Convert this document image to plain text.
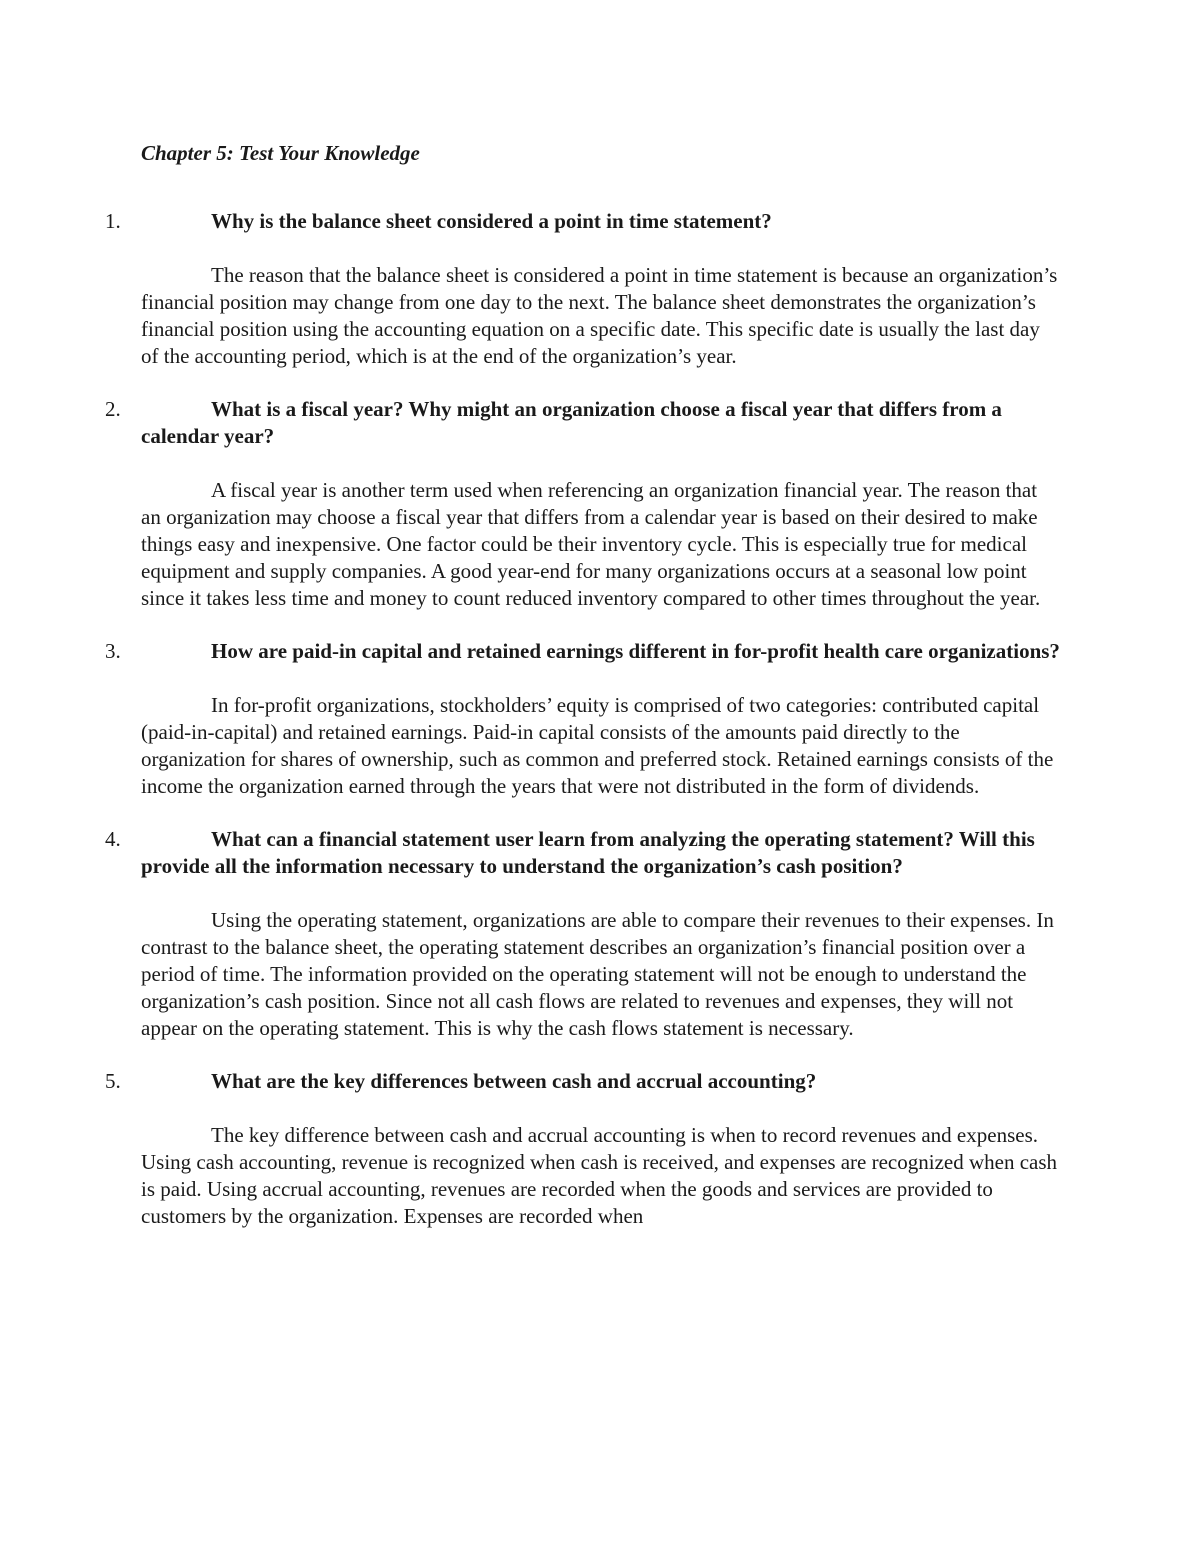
Chapter 5: Test Your Knowledge
1.	Why is the balance sheet considered a point in time statement?

The reason that the balance sheet is considered a point in time statement is because an organization’s financial position may change from one day to the next. The balance sheet demonstrates the organization’s financial position using the accounting equation on a specific date. This specific date is usually the last day of the accounting period, which is at the end of the organization’s year.

2.	What is a fiscal year? Why might an organization choose a fiscal year that differs from a calendar year?

A fiscal year is another term used when referencing an organization financial year. The reason that an organization may choose a fiscal year that differs from a calendar year is based on their desired to make things easy and inexpensive. One factor could be their inventory cycle. This is especially true for medical equipment and supply companies. A good year-end for many organizations occurs at a seasonal low point since it takes less time and money to count reduced inventory compared to other times throughout the year.

3.	How are paid-in capital and retained earnings different in for-profit health care organizations?

In for-profit organizations, stockholders’ equity is comprised of two categories: contributed capital (paid-in-capital) and retained earnings. Paid-in capital consists of the amounts paid directly to the organization for shares of ownership, such as common and preferred stock. Retained earnings consists of the income the organization earned through the years that were not distributed in the form of dividends.

4.	What can a financial statement user learn from analyzing the operating statement? Will this provide all the information necessary to understand the organization’s cash position?

Using the operating statement, organizations are able to compare their revenues to their expenses. In contrast to the balance sheet, the operating statement describes an organization’s financial position over a period of time. The information provided on the operating statement will not be enough to understand the organization’s cash position. Since not all cash flows are related to revenues and expenses, they will not appear on the operating statement. This is why the cash flows statement is necessary.

5.	What are the key differences between cash and accrual accounting?

The key difference between cash and accrual accounting is when to record revenues and expenses. Using cash accounting, revenue is recognized when cash is received, and expenses are recognized when cash is paid. Using accrual accounting, revenues are recorded when the goods and services are provided to customers by the organization. Expenses are recorded when
